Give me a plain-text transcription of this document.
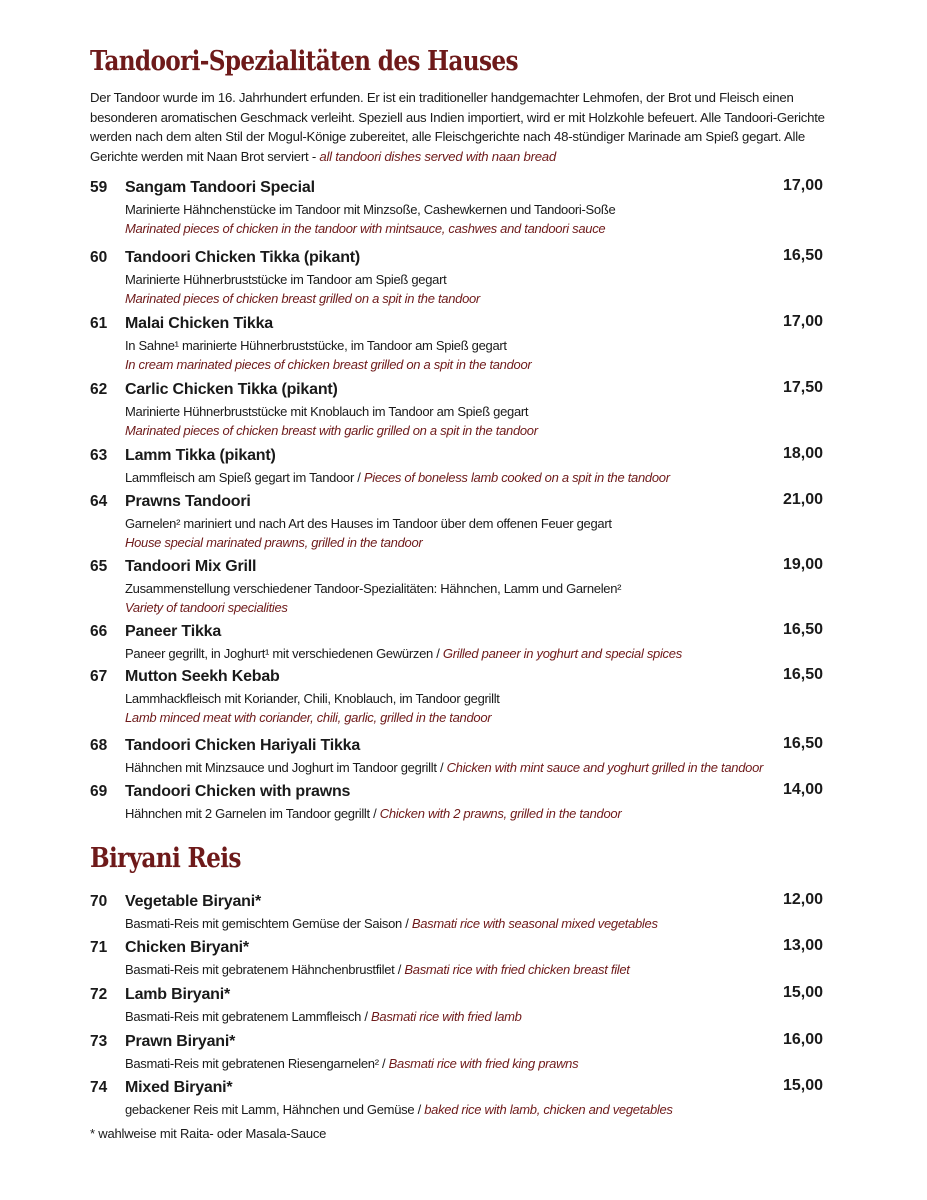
Tandoori-Spezialitäten des Hauses

Der Tandoor wurde im 16. Jahrhundert erfunden. Er ist ein traditioneller handgemachter Lehmofen, der Brot und Fleisch einen besonderen aromatischen Geschmack verleiht. Speziell aus Indien importiert, wird er mit Holzkohle befeuert. Alle Tandoori-Gerichte werden nach dem alten Stil der Mogul-Könige zubereitet, alle Fleischgerichte nach 48-stündiger Marinade am Spieß gegart. Alle Gerichte werden mit Naan Brot serviert - all tandoori dishes served with naan bread

59 Sangam Tandoori Special	17,00
Marinierte Hähnchenstücke im Tandoor mit Minzsoße, Cashewkernen und Tandoori-Soße
Marinated pieces of chicken in the tandoor with mintsauce, cashwes and tandoori sauce
60 Tandoori Chicken Tikka (pikant)	16,50
Marinierte Hühnerbruststücke im Tandoor am Spieß gegart
Marinated pieces of chicken breast grilled on a spit in the tandoor
61 Malai Chicken Tikka	17,00
In Sahne¹ marinierte Hühnerbruststücke, im Tandoor am Spieß gegart
In cream marinated pieces of chicken breast grilled on a spit in the tandoor
62 Carlic Chicken Tikka (pikant)	17,50
Marinierte Hühnerbruststücke mit Knoblauch im Tandoor am Spieß gegart
Marinated pieces of chicken breast with garlic grilled on a spit in the tandoor
63 Lamm Tikka (pikant)	18,00
Lammfleisch am Spieß gegart im Tandoor / Pieces of boneless lamb cooked on a spit in the tandoor
64 Prawns Tandoori	21,00
Garnelen² mariniert und nach Art des Hauses im Tandoor über dem offenen Feuer gegart
House special marinated prawns, grilled in the tandoor
65 Tandoori Mix Grill	19,00
Zusammenstellung verschiedener Tandoor-Spezialitäten: Hähnchen, Lamm und Garnelen²
Variety of tandoori specialities
66 Paneer Tikka	16,50
Paneer gegrillt, in Joghurt¹ mit verschiedenen Gewürzen / Grilled paneer in yoghurt and special spices
67 Mutton Seekh Kebab	16,50
Lammhackfleisch mit Koriander, Chili, Knoblauch, im Tandoor gegrillt
Lamb minced meat with coriander, chili, garlic, grilled in the tandoor
68 Tandoori Chicken Hariyali Tikka	16,50
Hähnchen mit Minzsauce und Joghurt im Tandoor gegrillt / Chicken with mint sauce and yoghurt grilled in the tandoor
69 Tandoori Chicken with prawns	14,00
Hähnchen mit 2 Garnelen im Tandoor gegrillt / Chicken with 2 prawns, grilled in the tandoor
Biryani Reis
70 Vegetable Biryani*	12,00
Basmati-Reis mit gemischtem Gemüse der Saison / Basmati rice with seasonal mixed vegetables
71 Chicken Biryani*	13,00
Basmati-Reis mit gebratenem Hähnchenbrustfilet / Basmati rice with fried chicken breast filet
72 Lamb Biryani*	15,00
Basmati-Reis mit gebratenem Lammfleisch / Basmati rice with fried lamb
73 Prawn Biryani*	16,00
Basmati-Reis mit gebratenen Riesengarnelen² / Basmati rice with fried king prawns
74 Mixed Biryani*	15,00
gebackener Reis mit Lamm, Hähnchen und Gemüse / baked rice with lamb, chicken and vegetables
* wahlweise mit Raita- oder Masala-Sauce
